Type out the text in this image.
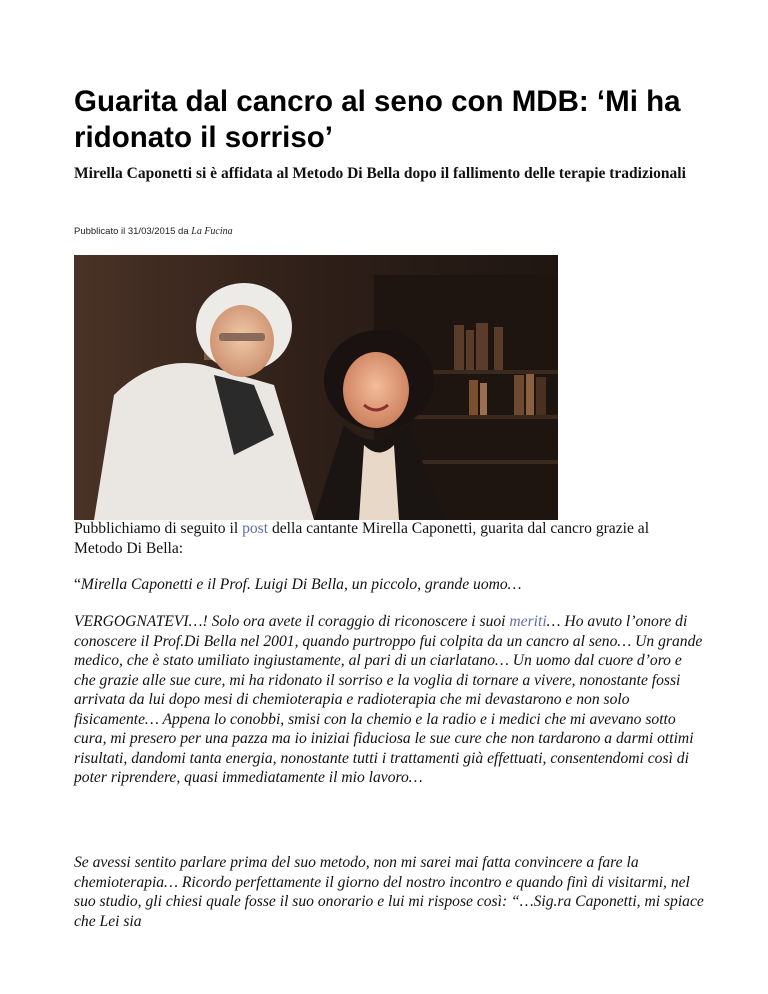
Guarita dal cancro al seno con MDB: ‘Mi ha ridonato il sorriso’
Mirella Caponetti si è affidata al Metodo Di Bella dopo il fallimento delle terapie tradizionali
Pubblicato il 31/03/2015 da La Fucina

Pubblichiamo di seguito il post della cantante Mirella Caponetti, guarita dal cancro grazie al Metodo Di Bella:

“Mirella Caponetti e il Prof. Luigi Di Bella, un piccolo, grande uomo…

VERGOGNATEVI…! Solo ora avete il coraggio di riconoscere i suoi meriti… Ho avuto l’onore di conoscere il Prof.Di Bella nel 2001, quando purtroppo fui colpita da un cancro al seno… Un grande medico, che è stato umiliato ingiustamente, al pari di un ciarlatano… Un uomo dal cuore d’oro e che grazie alle sue cure, mi ha ridonato il sorriso e la voglia di tornare a vivere, nonostante fossi arrivata da lui dopo mesi di chemioterapia e radioterapia che mi devastarono e non solo fisicamente… Appena lo conobbi, smisi con la chemio e la radio e i medici che mi avevano sotto cura, mi presero per una pazza ma io iniziai fiduciosa le sue cure che non tardarono a darmi ottimi risultati, dandomi tanta energia, nonostante tutti i trattamenti già effettuati, consentendomi così di poter riprendere, quasi immediatamente il mio lavoro…

Se avessi sentito parlare prima del suo metodo, non mi sarei mai fatta convincere a fare la chemioterapia… Ricordo perfettamente il giorno del nostro incontro e quando finì di visitarmi, nel suo studio, gli chiesi quale fosse il suo onorario e lui mi rispose così: “…Sig.ra Caponetti, mi spiace che Lei sia
